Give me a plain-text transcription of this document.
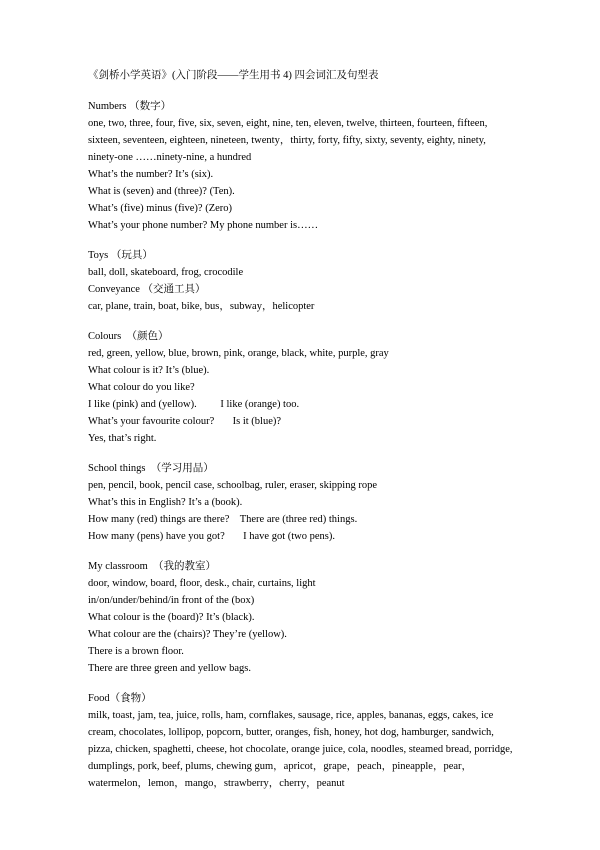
《剑桥小学英语》(入门阶段——学生用书 4) 四会词汇及句型表

Numbers （数字）

one, two, three, four, five, six, seven, eight, nine, ten, eleven, twelve, thirteen, fourteen, fifteen, sixteen, seventeen, eighteen, nineteen, twenty，thirty, forty, fifty, sixty, seventy, eighty, ninety, ninety-one ……ninety-nine, a hundred

What’s the number? It’s (six).

What is (seven) and (three)? (Ten).

What’s (five) minus (five)? (Zero)

What’s your phone number? My phone number is……

Toys （玩具）

ball, doll, skateboard, frog, crocodile

Conveyance （交通工具）

car, plane, train, boat, bike, bus，subway，helicopter

Colours  （颜色）

red, green, yellow, blue, brown, pink, orange, black, white, purple, gray

What colour is it? It’s (blue).

What colour do you like?

I like (pink) and (yellow).         I like (orange) too.

What’s your favourite colour?       Is it (blue)?

Yes, that’s right.

School things  （学习用品）

pen, pencil, book, pencil case, schoolbag, ruler, eraser, skipping rope

What’s this in English? It’s a (book).

How many (red) things are there?    There are (three red) things.

How many (pens) have you got?       I have got (two pens).

My classroom  （我的教室）

door, window, board, floor, desk., chair, curtains, light

in/on/under/behind/in front of the (box)

What colour is the (board)? It’s (black).

What colour are the (chairs)? They’re (yellow).

There is a brown floor.

There are three green and yellow bags.

Food（食物）

milk, toast, jam, tea, juice, rolls, ham, cornflakes, sausage, rice, apples, bananas, eggs, cakes, ice cream, chocolates, lollipop, popcorn, butter, oranges, fish, honey, hot dog, hamburger, sandwich, pizza, chicken, spaghetti, cheese, hot chocolate, orange juice, cola, noodles, steamed bread, porridge, dumplings, pork, beef, plums, chewing gum，apricot，grape，peach，pineapple，pear，watermelon，lemon，mango，strawberry，cherry，peanut
